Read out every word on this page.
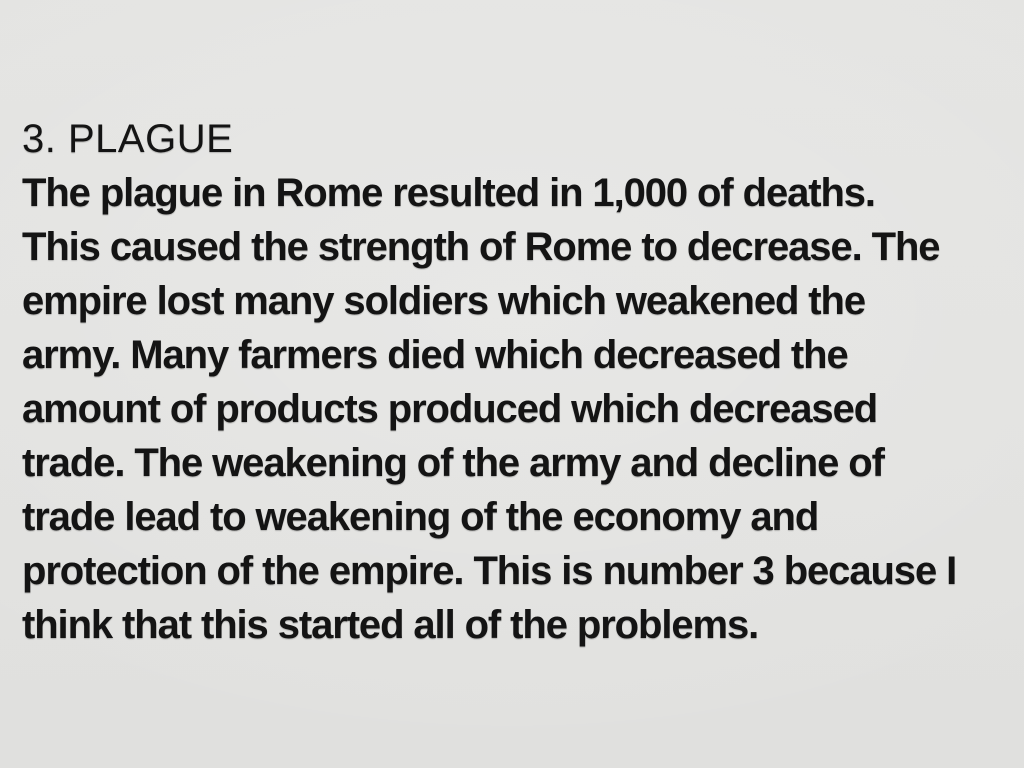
3. PLAGUE
The plague in Rome resulted in 1,000 of deaths.
This caused the strength of Rome to decrease. The
empire lost many soldiers which weakened the
army. Many farmers died which decreased the
amount of products produced which decreased
trade. The weakening of the army and decline of
trade lead to weakening of the economy and
protection of the empire. This is number 3 because I
think that this started all of the problems.
